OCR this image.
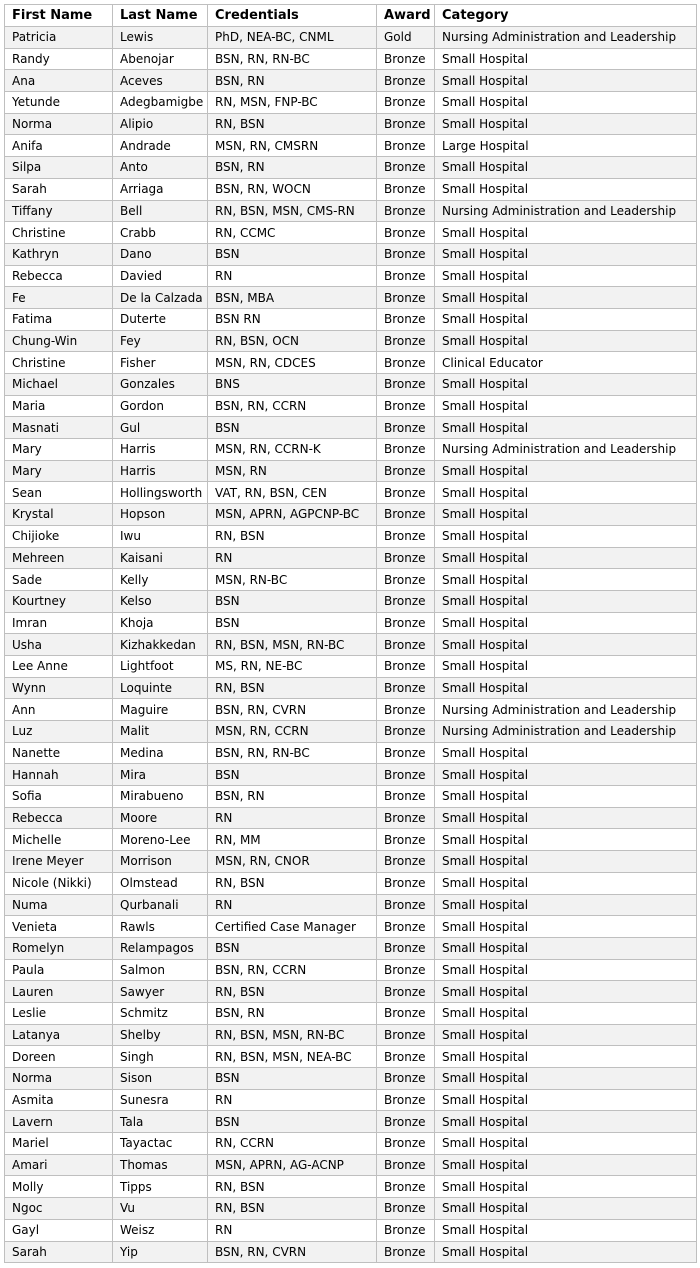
First Name	Last Name	Credentials	Award	Category
Patricia	Lewis	PhD, NEA-BC, CNML	Gold	Nursing Administration and Leadership
Randy	Abenojar	BSN, RN, RN-BC	Bronze	Small Hospital
Ana	Aceves	BSN, RN	Bronze	Small Hospital
Yetunde	Adegbamigbe	RN, MSN, FNP-BC	Bronze	Small Hospital
Norma	Alipio	RN, BSN	Bronze	Small Hospital
Anifa	Andrade	MSN, RN, CMSRN	Bronze	Large Hospital
Silpa	Anto	BSN, RN	Bronze	Small Hospital
Sarah	Arriaga	BSN, RN, WOCN	Bronze	Small Hospital
Tiffany	Bell	RN, BSN, MSN, CMS-RN	Bronze	Nursing Administration and Leadership
Christine	Crabb	RN, CCMC	Bronze	Small Hospital
Kathryn	Dano	BSN	Bronze	Small Hospital
Rebecca	Davied	RN	Bronze	Small Hospital
Fe	De la Calzada	BSN, MBA	Bronze	Small Hospital
Fatima	Duterte	BSN RN	Bronze	Small Hospital
Chung-Win	Fey	RN, BSN, OCN	Bronze	Small Hospital
Christine	Fisher	MSN, RN, CDCES	Bronze	Clinical Educator
Michael	Gonzales	BNS	Bronze	Small Hospital
Maria	Gordon	BSN, RN, CCRN	Bronze	Small Hospital
Masnati	Gul	BSN	Bronze	Small Hospital
Mary	Harris	MSN, RN, CCRN-K	Bronze	Nursing Administration and Leadership
Mary	Harris	MSN, RN	Bronze	Small Hospital
Sean	Hollingsworth	VAT, RN, BSN, CEN	Bronze	Small Hospital
Krystal	Hopson	MSN, APRN, AGPCNP-BC	Bronze	Small Hospital
Chijioke	Iwu	RN, BSN	Bronze	Small Hospital
Mehreen	Kaisani	RN	Bronze	Small Hospital
Sade	Kelly	MSN, RN-BC	Bronze	Small Hospital
Kourtney	Kelso	BSN	Bronze	Small Hospital
Imran	Khoja	BSN	Bronze	Small Hospital
Usha	Kizhakkedan	RN, BSN, MSN, RN-BC	Bronze	Small Hospital
Lee Anne	Lightfoot	MS, RN, NE-BC	Bronze	Small Hospital
Wynn	Loquinte	RN, BSN	Bronze	Small Hospital
Ann	Maguire	BSN, RN, CVRN	Bronze	Nursing Administration and Leadership
Luz	Malit	MSN, RN, CCRN	Bronze	Nursing Administration and Leadership
Nanette	Medina	BSN, RN, RN-BC	Bronze	Small Hospital
Hannah	Mira	BSN	Bronze	Small Hospital
Sofia	Mirabueno	BSN, RN	Bronze	Small Hospital
Rebecca	Moore	RN	Bronze	Small Hospital
Michelle	Moreno-Lee	RN, MM	Bronze	Small Hospital
Irene Meyer	Morrison	MSN, RN, CNOR	Bronze	Small Hospital
Nicole (Nikki)	Olmstead	RN, BSN	Bronze	Small Hospital
Numa	Qurbanali	RN	Bronze	Small Hospital
Venieta	Rawls	Certified Case Manager	Bronze	Small Hospital
Romelyn	Relampagos	BSN	Bronze	Small Hospital
Paula	Salmon	BSN, RN, CCRN	Bronze	Small Hospital
Lauren	Sawyer	RN, BSN	Bronze	Small Hospital
Leslie	Schmitz	BSN, RN	Bronze	Small Hospital
Latanya	Shelby	RN, BSN, MSN, RN-BC	Bronze	Small Hospital
Doreen	Singh	RN, BSN, MSN, NEA-BC	Bronze	Small Hospital
Norma	Sison	BSN	Bronze	Small Hospital
Asmita	Sunesra	RN	Bronze	Small Hospital
Lavern	Tala	BSN	Bronze	Small Hospital
Mariel	Tayactac	RN, CCRN	Bronze	Small Hospital
Amari	Thomas	MSN, APRN, AG-ACNP	Bronze	Small Hospital
Molly	Tipps	RN, BSN	Bronze	Small Hospital
Ngoc	Vu	RN, BSN	Bronze	Small Hospital
Gayl	Weisz	RN	Bronze	Small Hospital
Sarah	Yip	BSN, RN, CVRN	Bronze	Small Hospital
